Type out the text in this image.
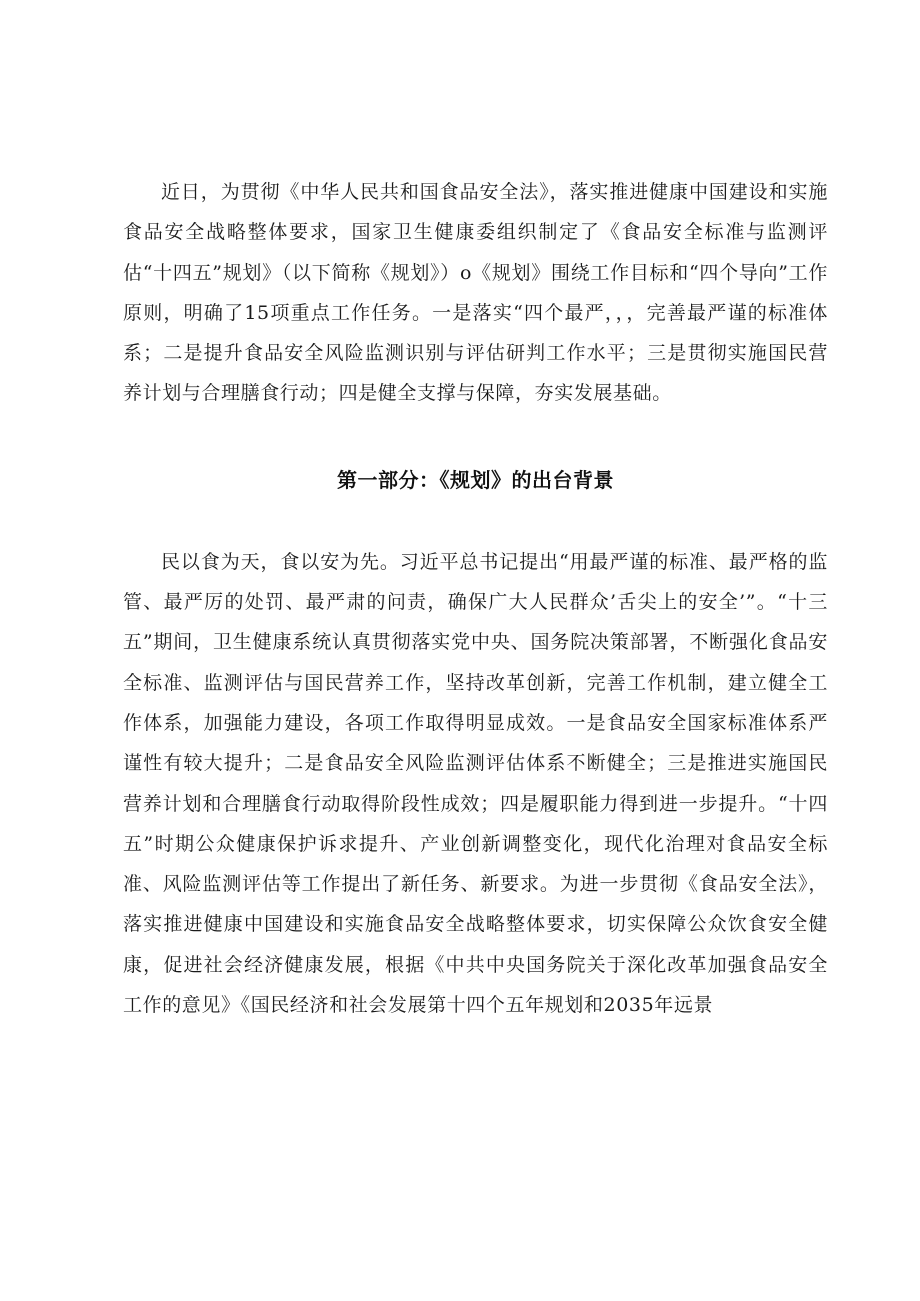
近日，为贯彻《中华人民共和国食品安全法》，落实推进健康中国建设和实施食品安全战略整体要求，国家卫生健康委组织制定了《食品安全标准与监测评估“十四五”规划》（以下简称《规划》）o《规划》围绕工作目标和“四个导向”工作原则，明确了15项重点工作任务。一是落实“四个最严，，，完善最严谨的标准体系；二是提升食品安全风险监测识别与评估研判工作水平；三是贯彻实施国民营养计划与合理膳食行动；四是健全支撑与保障，夯实发展基础。

第一部分：《规划》的出台背景

民以食为天，食以安为先。习近平总书记提出“用最严谨的标准、最严格的监管、最严厉的处罚、最严肃的问责，确保广大人民群众’舌尖上的安全’”。“十三五”期间，卫生健康系统认真贯彻落实党中央、国务院决策部署，不断强化食品安全标准、监测评估与国民营养工作，坚持改革创新，完善工作机制，建立健全工作体系，加强能力建设，各项工作取得明显成效。一是食品安全国家标准体系严谨性有较大提升；二是食品安全风险监测评估体系不断健全；三是推进实施国民营养计划和合理膳食行动取得阶段性成效；四是履职能力得到进一步提升。“十四五”时期公众健康保护诉求提升、产业创新调整变化，现代化治理对食品安全标准、风险监测评估等工作提出了新任务、新要求。为进一步贯彻《食品安全法》，落实推进健康中国建设和实施食品安全战略整体要求，切实保障公众饮食安全健康，促进社会经济健康发展，根据《中共中央国务院关于深化改革加强食品安全工作的意见》《国民经济和社会发展第十四个五年规划和2035年远景
